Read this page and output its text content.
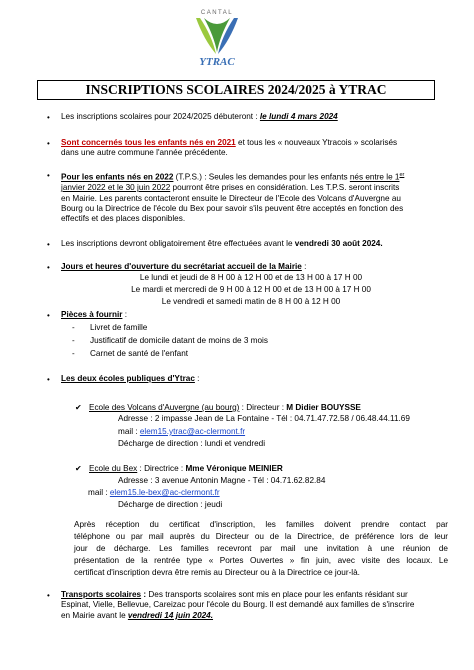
CANTAL
YTRAC
INSCRIPTIONS SCOLAIRES 2024/2025 à YTRAC
• Les inscriptions scolaires pour 2024/2025 débuteront : le lundi 4 mars 2024
• Sont concernés tous les enfants nés en 2021 et tous les « nouveaux Ytracois » scolarisés
dans une autre commune l'année précédente.
• Pour les enfants nés en 2022 (T.P.S.) : Seules les demandes pour les enfants nés entre le 1er
janvier 2022 et le 30 juin 2022 pourront être prises en considération. Les T.P.S. seront inscrits
en Mairie. Les parents contacteront ensuite le Directeur de l'Ecole des Volcans d'Auvergne au
Bourg ou la Directrice de l'école du Bex pour savoir s'ils peuvent être acceptés en fonction des
effectifs et des places disponibles.
• Les inscriptions devront obligatoirement être effectuées avant le vendredi 30 août 2024.
• Jours et heures d'ouverture du secrétariat accueil de la Mairie :
Le lundi et jeudi de 8 H 00 à 12 H 00 et de 13 H 00 à 17 H 00
Le mardi et mercredi de 9 H 00 à 12 H 00 et de 13 H 00 à 17 H 00
Le vendredi et samedi matin de 8 H 00 à 12 H 00
• Pièces à fournir :
- Livret de famille
- Justificatif de domicile datant de moins de 3 mois
- Carnet de santé de l'enfant
• Les deux écoles publiques d'Ytrac :
✔ Ecole des Volcans d'Auvergne (au bourg) : Directeur : M Didier BOUYSSE
Adresse : 2 impasse Jean de La Fontaine - Tél : 04.71.47.72.58 / 06.48.44.11.69
mail : elem15.ytrac@ac-clermont.fr
Décharge de direction : lundi et vendredi
✔ Ecole du Bex : Directrice : Mme Véronique MEINIER
Adresse : 3 avenue Antonin Magne - Tél : 04.71.62.82.84
mail : elem15.le-bex@ac-clermont.fr
Décharge de direction : jeudi
Après réception du certificat d'inscription, les familles doivent prendre contact par
téléphone ou par mail auprès du Directeur ou de la Directrice, de préférence lors de leur
jour de décharge. Les familles recevront par mail une invitation à une réunion de
présentation de la rentrée type « Portes Ouvertes » fin juin, avec visite des locaux. Le
certificat d'inscription devra être remis au Directeur ou à la Directrice ce jour-là.
• Transports scolaires : Des transports scolaires sont mis en place pour les enfants résidant sur
Espinat, Vielle, Bellevue, Careizac pour l'école du Bourg. Il est demandé aux familles de s'inscrire
en Mairie avant le vendredi 14 juin 2024.
